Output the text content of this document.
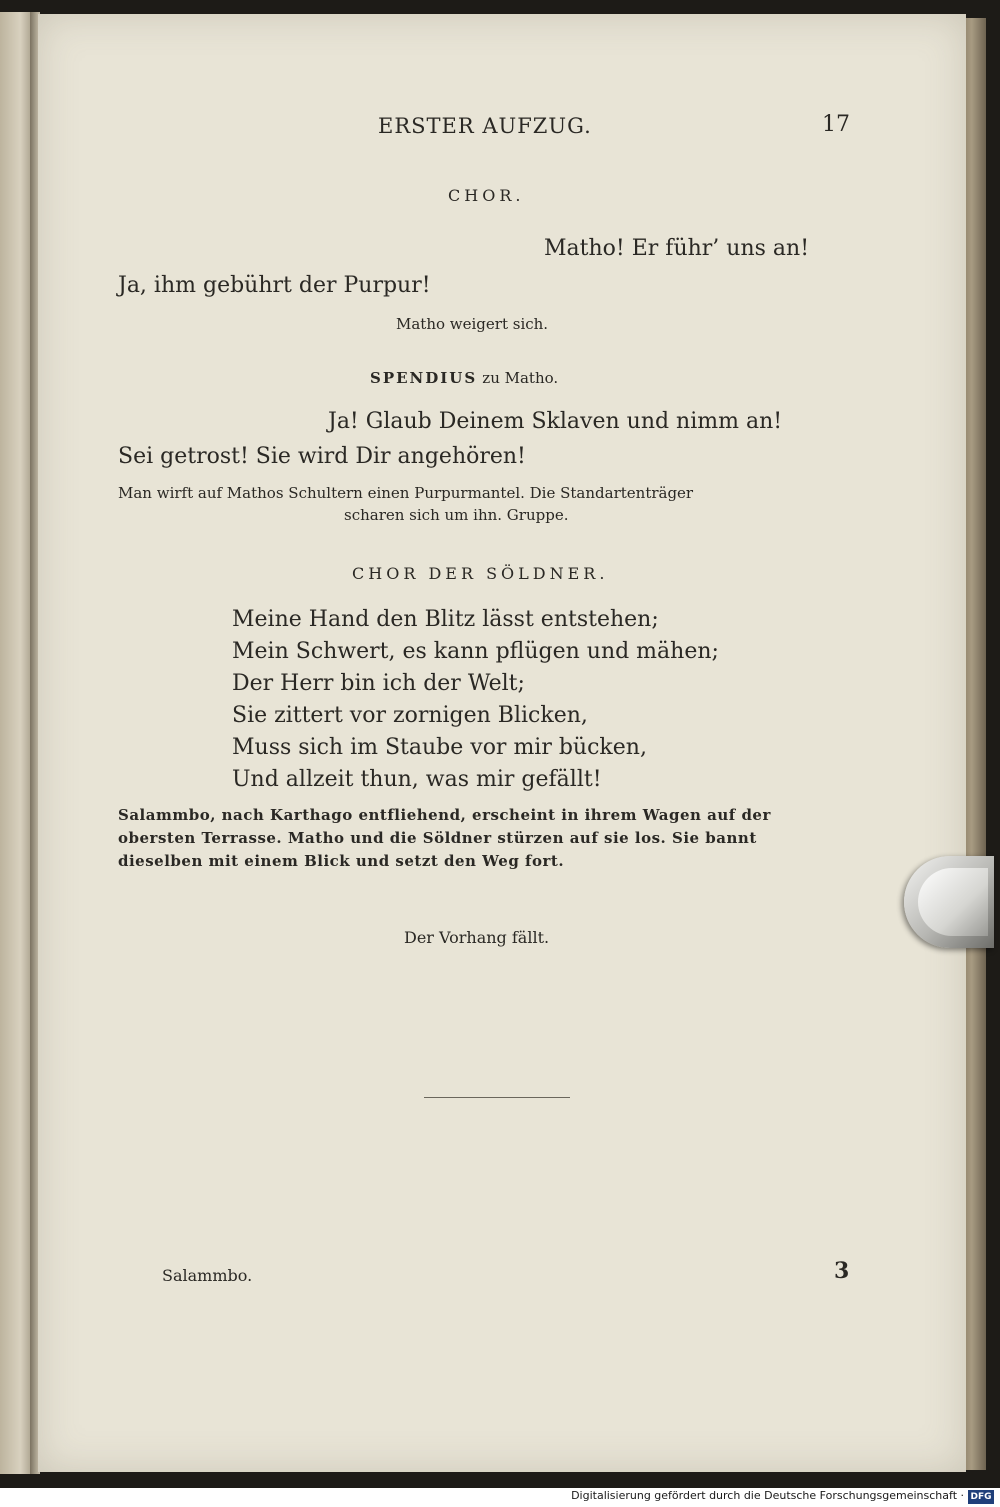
ERSTER AUFZUG.	17
CHOR.
Matho! Er führ’ uns an!
Ja, ihm gebührt der Purpur!
Matho weigert sich.
SPENDIUS zu Matho.
Ja! Glaub Deinem Sklaven und nimm an!
Sei getrost! Sie wird Dir angehören!
Man wirft auf Mathos Schultern einen Purpurmantel. Die Standartenträger
scharen sich um ihn. Gruppe.
CHOR DER SÖLDNER.
Meine Hand den Blitz lässt entstehen;
Mein Schwert, es kann pflügen und mähen;
Der Herr bin ich der Welt;
Sie zittert vor zornigen Blicken,
Muss sich im Staube vor mir bücken,
Und allzeit thun, was mir gefällt!
Salammbo, nach Karthago entfliehend, erscheint in ihrem Wagen auf der
obersten Terrasse. Matho und die Söldner stürzen auf sie los. Sie bannt
dieselben mit einem Blick und setzt den Weg fort.
Der Vorhang fällt.
Salammbo.	3
Digitalisierung gefördert durch die Deutsche Forschungsgemeinschaft · DFG
